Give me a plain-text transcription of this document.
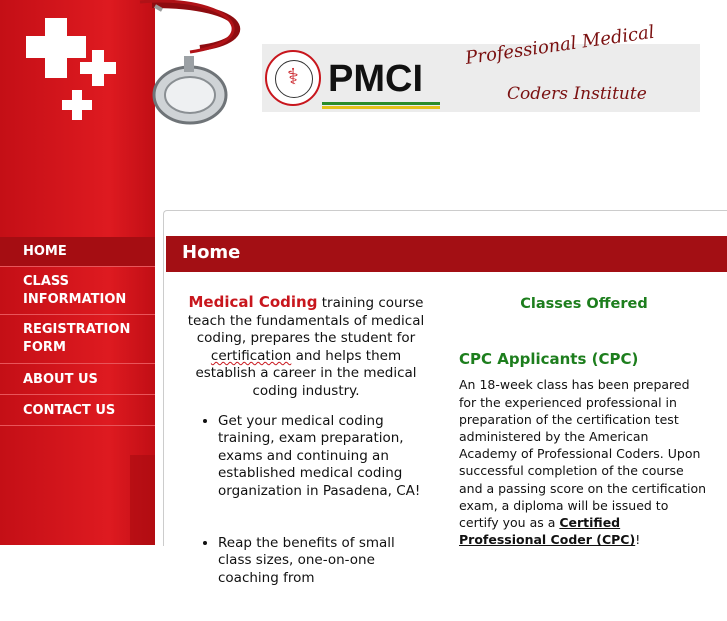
⚕ PMCI
Professional Medical
Coders Institute
HOME
CLASS INFORMATION
REGISTRATION FORM
ABOUT US
CONTACT US
Home

Medical Coding training course teach the fundamentals of medical coding, prepares the student for certification and helps them establish a career in the medical coding industry.

• Get your medical coding training, exam preparation, exams and continuing an established medical coding organization in Pasadena, CA!
• Reap the benefits of small class sizes, one-on-one coaching from

Classes Offered

CPC Applicants (CPC)

An 18-week class has been prepared for the experienced professional in preparation of the certification test administered by the American Academy of Professional Coders. Upon successful completion of the course and a passing score on the certification exam, a diploma will be issued to certify you as a Certified Professional Coder (CPC)!
